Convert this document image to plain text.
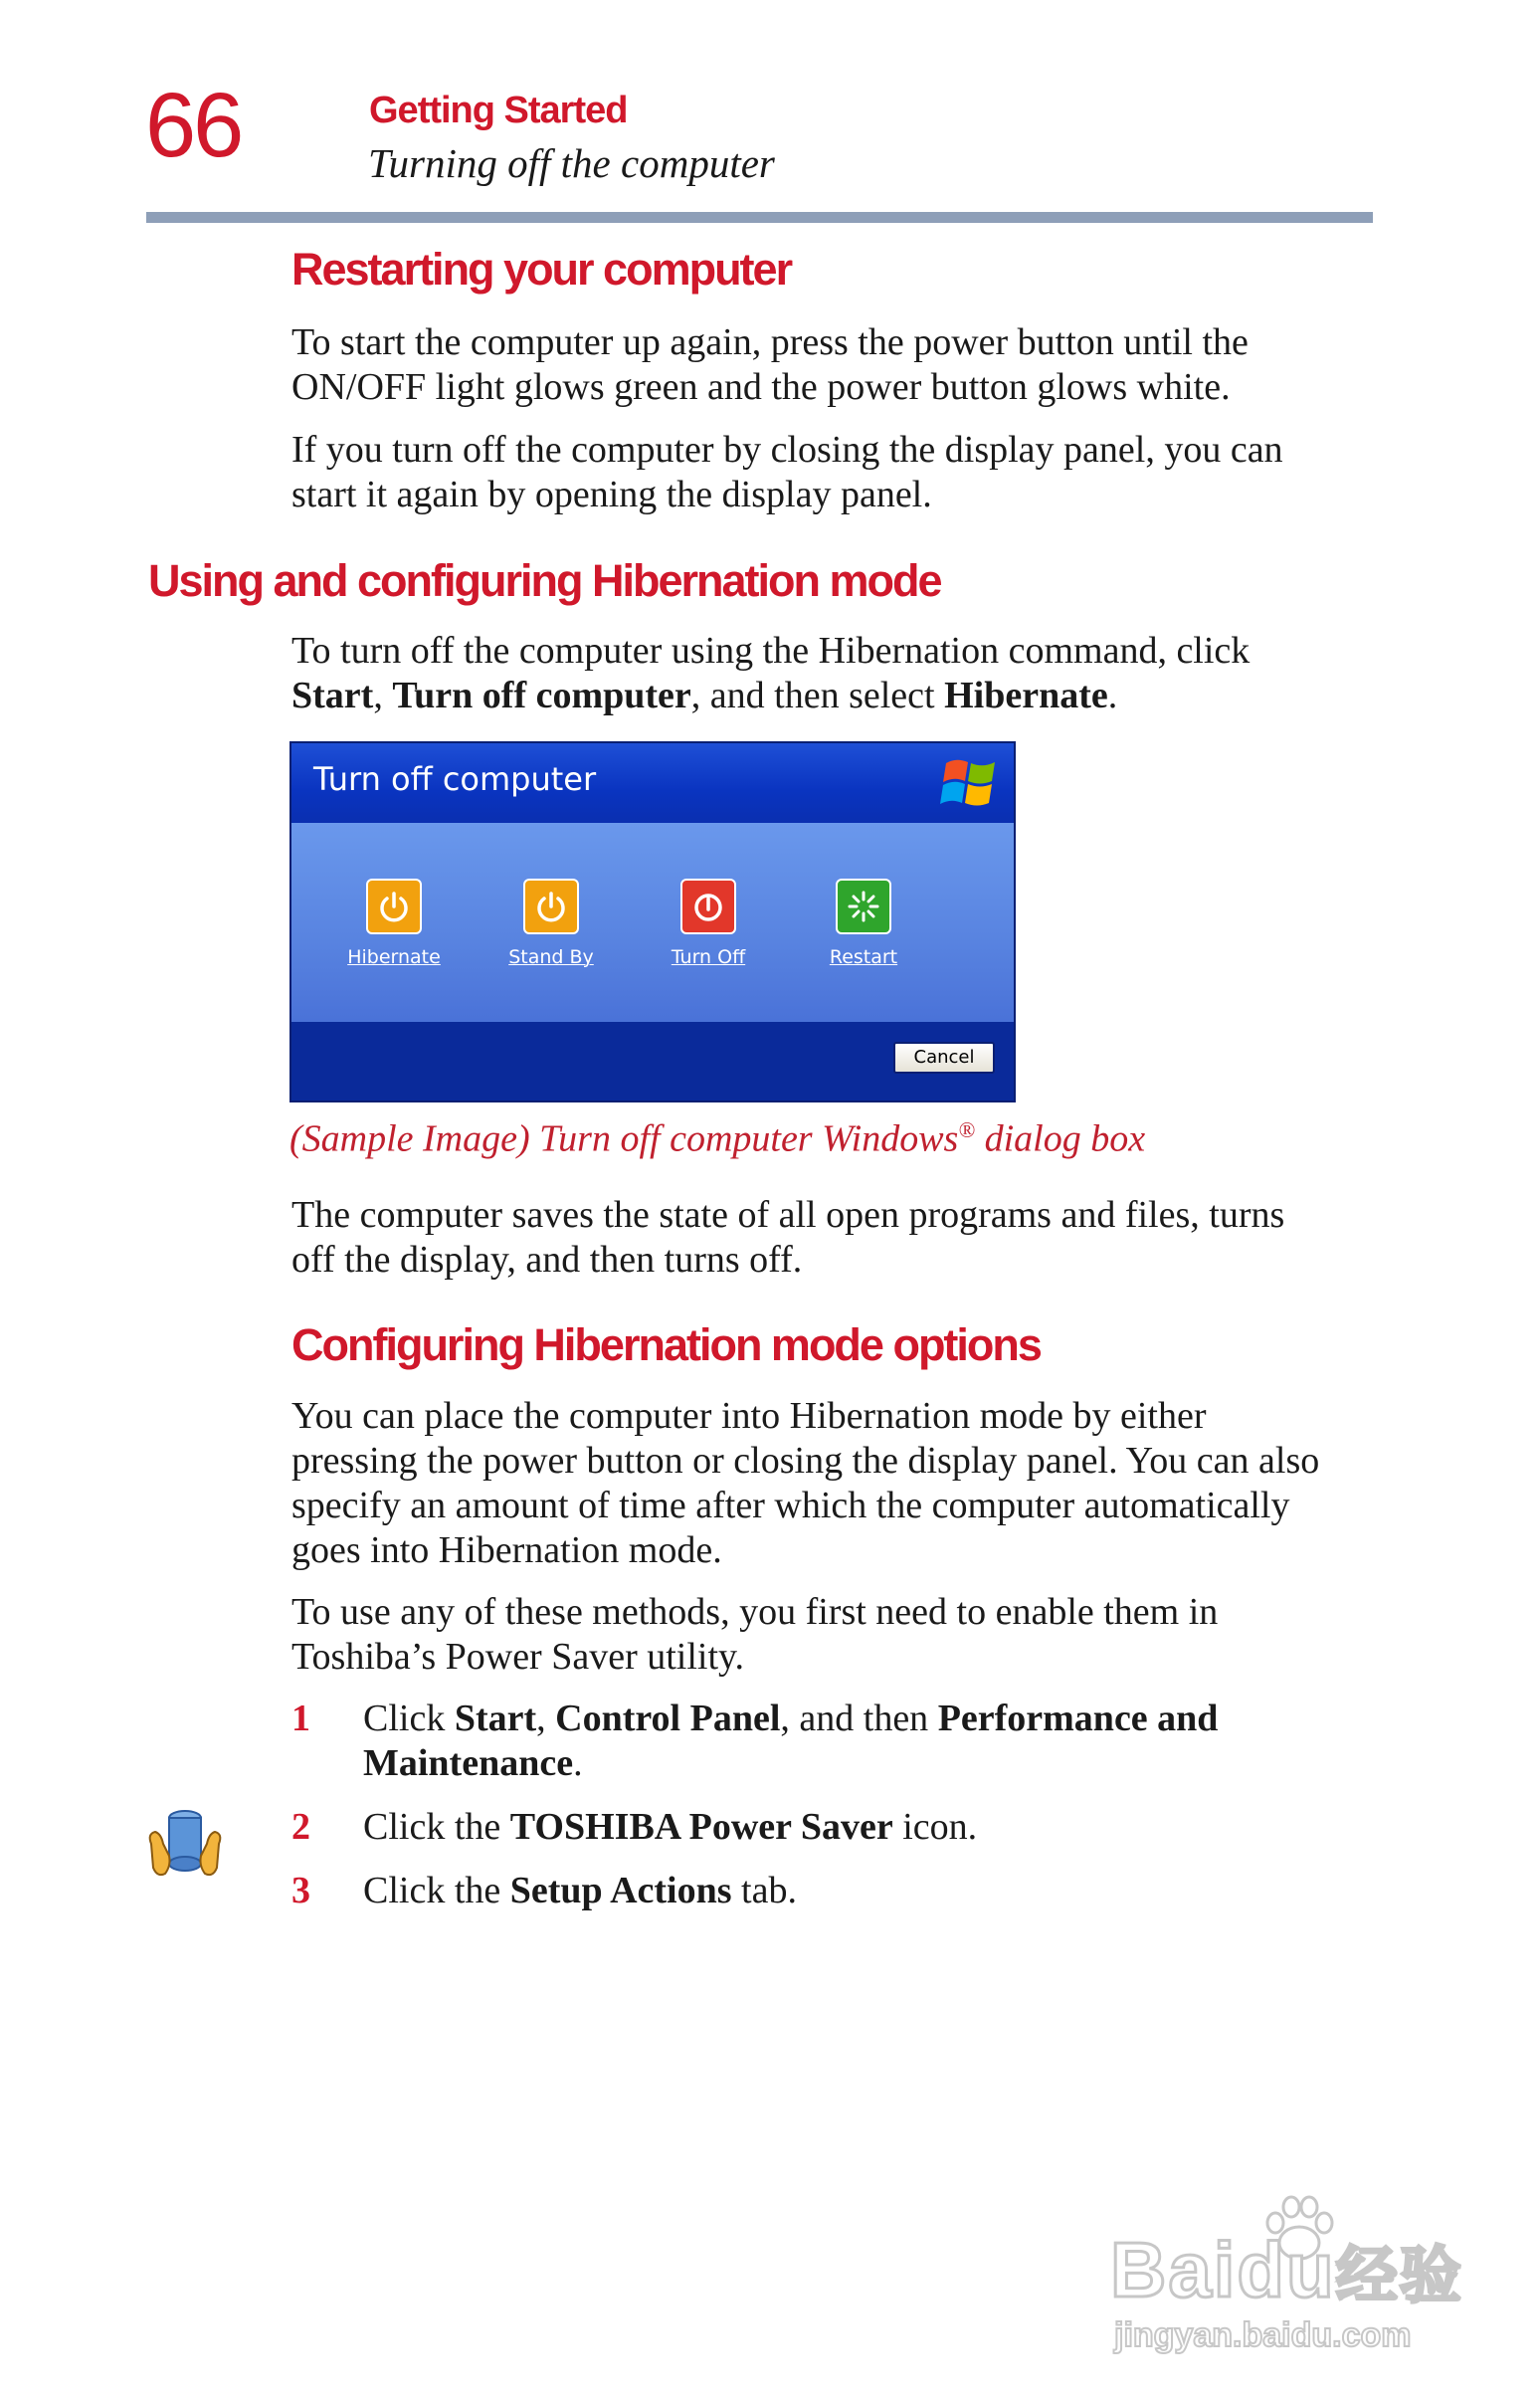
66	Getting Started
Turning off the computer
Restarting your computer

To start the computer up again, press the power button until the

ON/OFF light glows green and the power button glows white.

If you turn off the computer by closing the display panel, you can

start it again by opening the display panel.

Using and configuring Hibernation mode

To turn off the computer using the Hibernation command, click

Start, Turn off computer, and then select Hibernate.

Turn off computer
Hibernate	Stand By	Turn Off	Restart
Cancel
(Sample Image) Turn off computer Windows® dialog box

The computer saves the state of all open programs and files, turns

off the display, and then turns off.

Configuring Hibernation mode options

You can place the computer into Hibernation mode by either

pressing the power button or closing the display panel. You can also

specify an amount of time after which the computer automatically

goes into Hibernation mode.

To use any of these methods, you first need to enable them in

Toshiba’s Power Saver utility.

1 Click Start, Control Panel, and then Performance and
Maintenance.
2 Click the TOSHIBA Power Saver icon.
3 Click the Setup Actions tab.
Baidu经验
jingyan.baidu.com
